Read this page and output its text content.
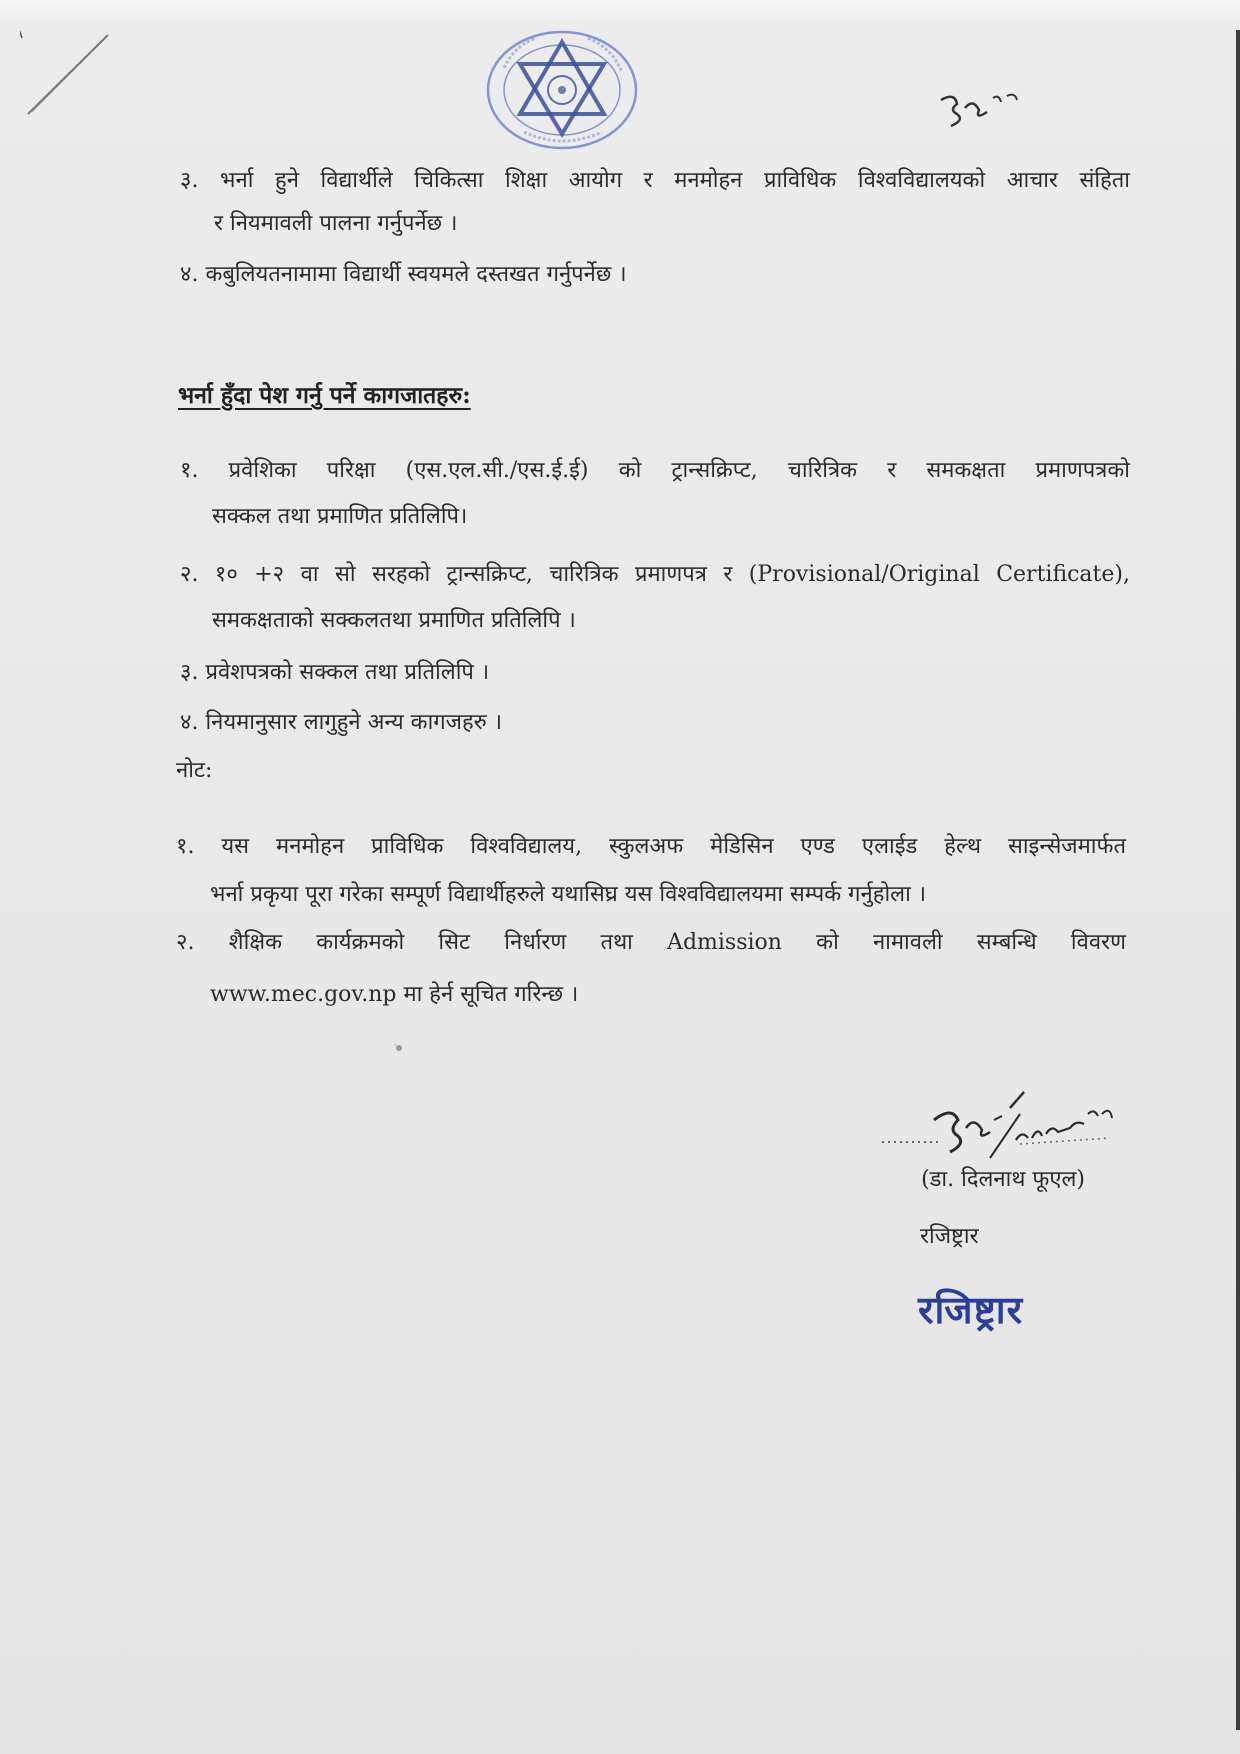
३. भर्ना हुने विद्यार्थीले चिकित्सा शिक्षा आयोग र मनमोहन प्राविधिक विश्वविद्यालयको आचार संहिता
र नियमावली पालना गर्नुपर्नेछ ।
४. कबुलियतनामामा विद्यार्थी स्वयमले दस्तखत गर्नुपर्नेछ ।
भर्ना हुँदा पेश गर्नु पर्ने कागजातहरु:
१. प्रवेशिका परिक्षा (एस.एल.सी./एस.ई.ई) को ट्रान्सक्रिप्ट, चारित्रिक र समकक्षता प्रमाणपत्रको
सक्कल तथा प्रमाणित प्रतिलिपि।
२. १० +२ वा सो सरहको ट्रान्सक्रिप्ट, चारित्रिक प्रमाणपत्र र (Provisional/Original Certificate),
समकक्षताको सक्कलतथा प्रमाणित प्रतिलिपि ।
३. प्रवेशपत्रको सक्कल तथा प्रतिलिपि ।
४. नियमानुसार लागुहुने अन्य कागजहरु ।
नोट:
१. यस मनमोहन प्राविधिक विश्वविद्यालय, स्कुलअफ मेडिसिन एण्ड एलाईड हेल्थ साइन्सेजमार्फत
भर्ना प्रकृया पूरा गरेका सम्पूर्ण विद्यार्थीहरुले यथासिघ्र यस विश्वविद्यालयमा सम्पर्क गर्नुहोला ।
२. शैक्षिक कार्यक्रमको सिट निर्धारण तथा Admission को नामावली सम्बन्धि विवरण
www.mec.gov.np मा हेर्न सूचित गरिन्छ ।
(डा. दिलनाथ फूएल)
रजिष्ट्रार
रजिष्ट्रार
